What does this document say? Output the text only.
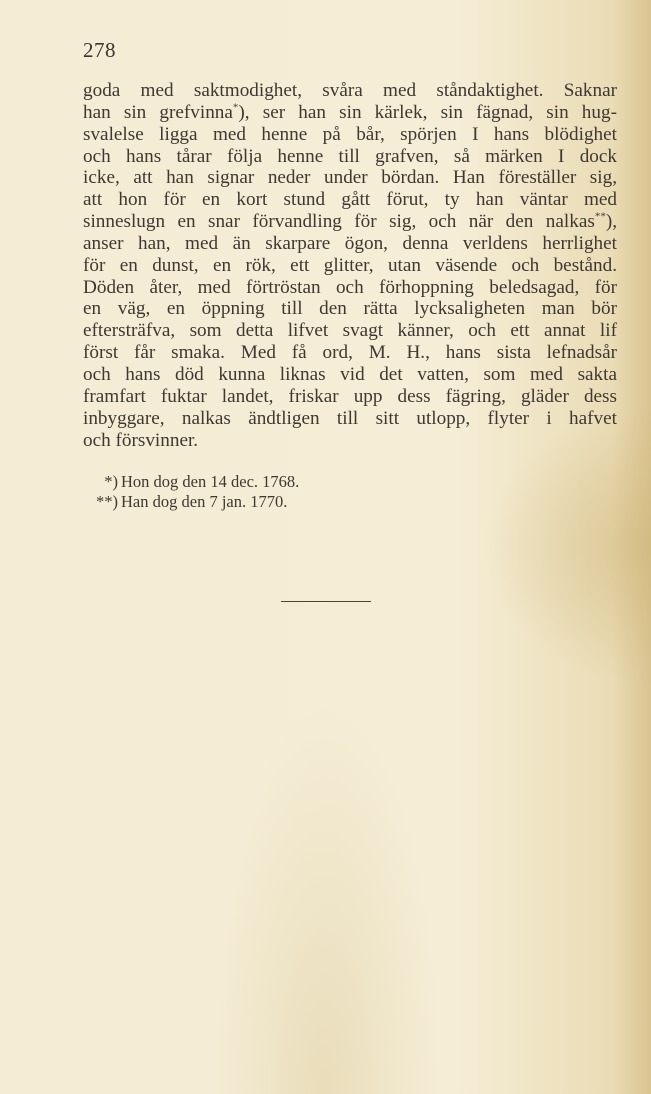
278
goda med saktmodighet, svåra med ståndaktighet. Saknar
han sin grefvinna*), ser han sin kärlek, sin fägnad, sin hug-
svalelse ligga med henne på bår, spörjen I hans blödighet
och hans tårar följa henne till grafven, så märken I dock
icke, att han signar neder under bördan. Han föreställer sig,
att hon för en kort stund gått förut, ty han väntar med
sinneslugn en snar förvandling för sig, och när den nalkas**),
anser han, med än skarpare ögon, denna verldens herrlighet
för en dunst, en rök, ett glitter, utan väsende och bestånd.
Döden åter, med förtröstan och förhoppning beledsagad, för
en väg, en öppning till den rätta lycksaligheten man bör
eftersträfva, som detta lifvet svagt känner, och ett annat lif
först får smaka. Med få ord, M. H., hans sista lefnadsår
och hans död kunna liknas vid det vatten, som med sakta
framfart fuktar landet, friskar upp dess fägring, gläder dess
inbyggare, nalkas ändtligen till sitt utlopp, flyter i hafvet
och försvinner.
*) Hon dog den 14 dec. 1768.
**) Han dog den 7 jan. 1770.
